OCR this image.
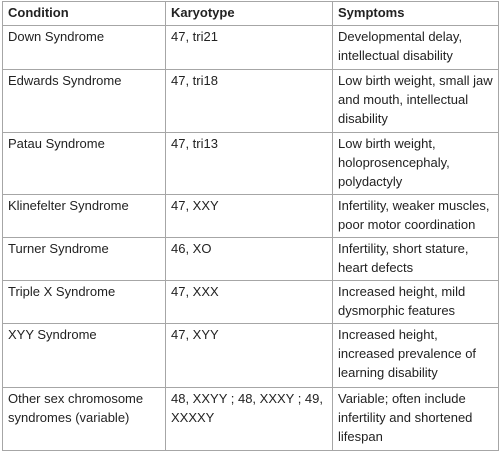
Condition	Karyotype	Symptoms
Down Syndrome	47, tri21	Developmental delay, intellectual disability
Edwards Syndrome	47, tri18	Low birth weight, small jaw and mouth, intellectual disability
Patau Syndrome	47, tri13	Low birth weight, holoprosencephaly, polydactyly
Klinefelter Syndrome	47, XXY	Infertility, weaker muscles, poor motor coordination
Turner Syndrome	46, XO	Infertility, short stature, heart defects
Triple X Syndrome	47, XXX	Increased height, mild dysmorphic features
XYY Syndrome	47, XYY	Increased height, increased prevalence of learning disability
Other sex chromosome syndromes (variable)	48, XXYY ; 48, XXXY ; 49, XXXXY	Variable; often include infertility and shortened lifespan
